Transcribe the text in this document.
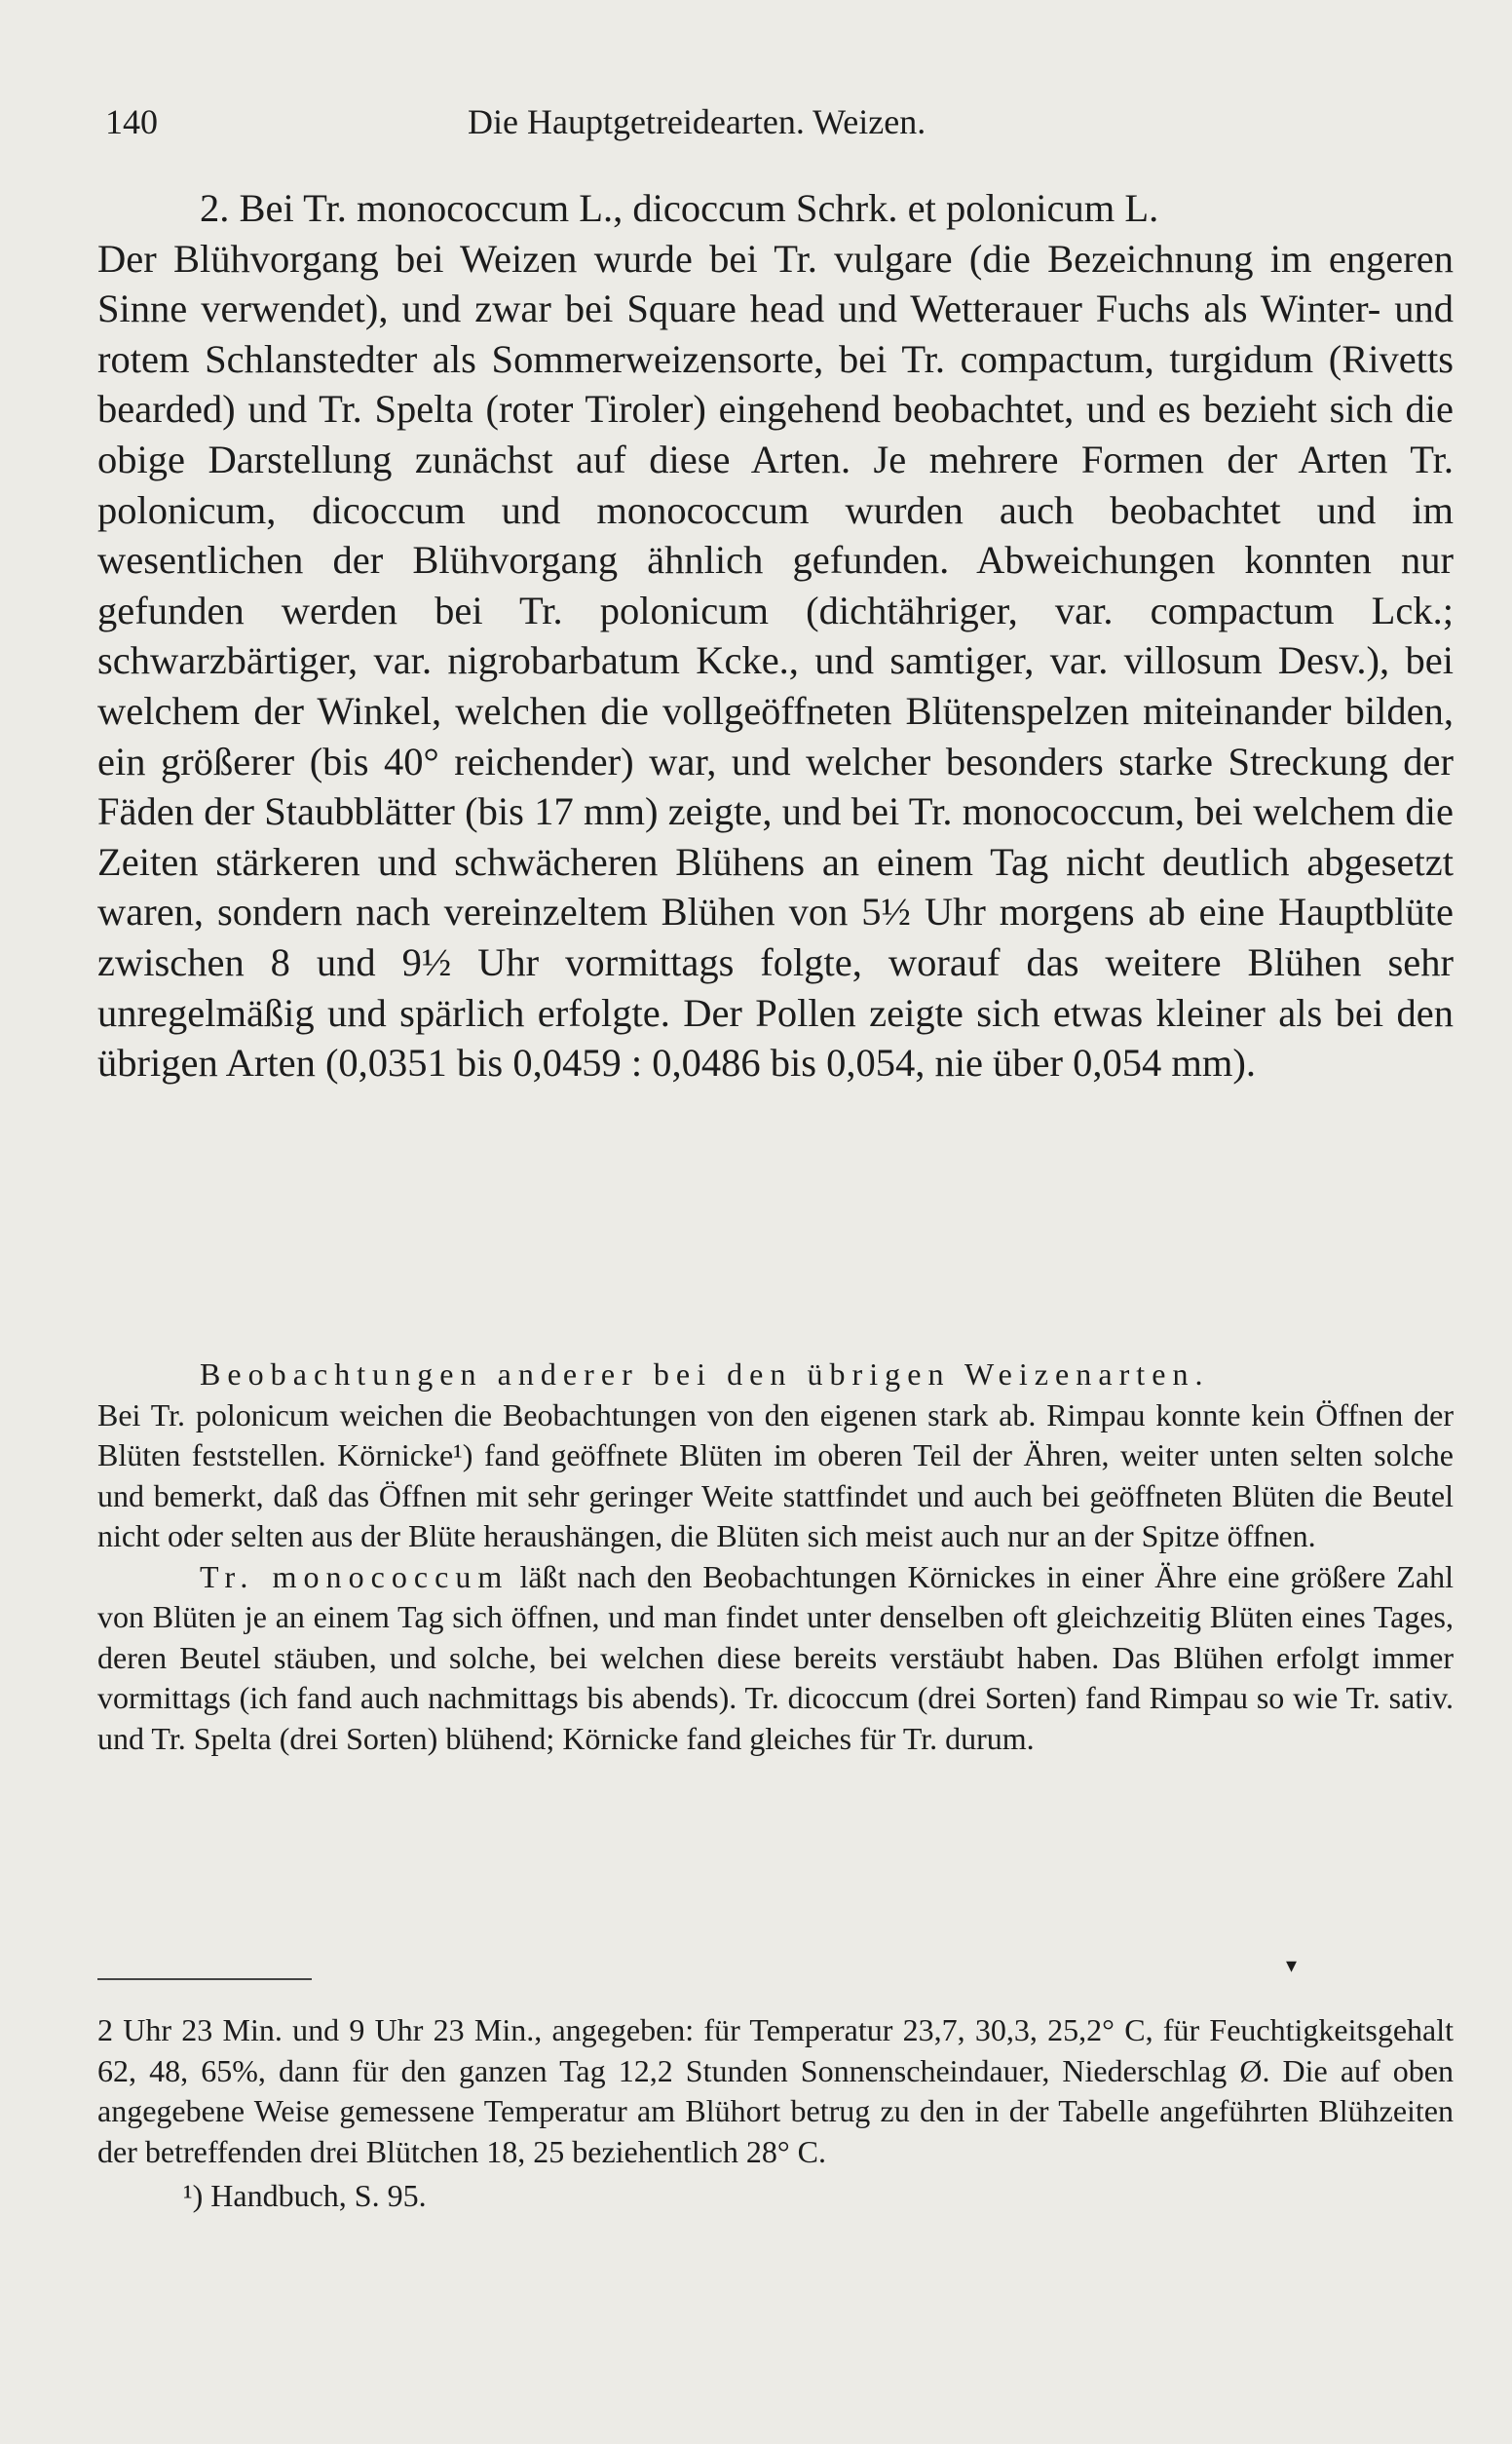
140	Die Hauptgetreidearten. Weizen.

2. Bei Tr. monococcum L., dicoccum Schrk. et polonicum L.

Der Blühvorgang bei Weizen wurde bei Tr. vulgare (die Bezeichnung im engeren Sinne verwendet), und zwar bei Square head und Wetterauer Fuchs als Winter- und rotem Schlanstedter als Sommerweizensorte, bei Tr. compactum, turgidum (Rivetts bearded) und Tr. Spelta (roter Tiroler) eingehend beobachtet, und es bezieht sich die obige Darstellung zunächst auf diese Arten. Je mehrere Formen der Arten Tr. polonicum, dicoccum und monococcum wurden auch beobachtet und im wesentlichen der Blühvorgang ähnlich gefunden. Abweichungen konnten nur gefunden werden bei Tr. polonicum (dichtähriger, var. compactum Lck.; schwarzbärtiger, var. nigrobarbatum Kcke., und samtiger, var. villosum Desv.), bei welchem der Winkel, welchen die vollgeöffneten Blütenspelzen miteinander bilden, ein größerer (bis 40° reichender) war, und welcher besonders starke Streckung der Fäden der Staubblätter (bis 17 mm) zeigte, und bei Tr. monococcum, bei welchem die Zeiten stärkeren und schwächeren Blühens an einem Tag nicht deutlich abgesetzt waren, sondern nach vereinzeltem Blühen von 5½ Uhr morgens ab eine Hauptblüte zwischen 8 und 9½ Uhr vormittags folgte, worauf das weitere Blühen sehr unregelmäßig und spärlich erfolgte. Der Pollen zeigte sich etwas kleiner als bei den übrigen Arten (0,0351 bis 0,0459 : 0,0486 bis 0,054, nie über 0,054 mm).

Beobachtungen anderer bei den übrigen Weizenarten.
Bei Tr. polonicum weichen die Beobachtungen von den eigenen stark ab. Rimpau konnte kein Öffnen der Blüten feststellen. Körnicke¹) fand geöffnete Blüten im oberen Teil der Ähren, weiter unten selten solche und bemerkt, daß das Öffnen mit sehr geringer Weite stattfindet und auch bei geöffneten Blüten die Beutel nicht oder selten aus der Blüte heraushängen, die Blüten sich meist auch nur an der Spitze öffnen.

Tr. monococcum läßt nach den Beobachtungen Körnickes in einer Ähre eine größere Zahl von Blüten je an einem Tag sich öffnen, und man findet unter denselben oft gleichzeitig Blüten eines Tages, deren Beutel stäuben, und solche, bei welchen diese bereits verstäubt haben. Das Blühen erfolgt immer vormittags (ich fand auch nachmittags bis abends). Tr. dicoccum (drei Sorten) fand Rimpau so wie Tr. sativ. und Tr. Spelta (drei Sorten) blühend; Körnicke fand gleiches für Tr. durum.

▾

2 Uhr 23 Min. und 9 Uhr 23 Min., angegeben: für Temperatur 23,7, 30,3, 25,2° C, für Feuchtigkeitsgehalt 62, 48, 65%, dann für den ganzen Tag 12,2 Stunden Sonnenscheindauer, Niederschlag Ø. Die auf oben angegebene Weise gemessene Temperatur am Blühort betrug zu den in der Tabelle angeführten Blühzeiten der betreffenden drei Blütchen 18, 25 beziehentlich 28° C.

¹) Handbuch, S. 95.
